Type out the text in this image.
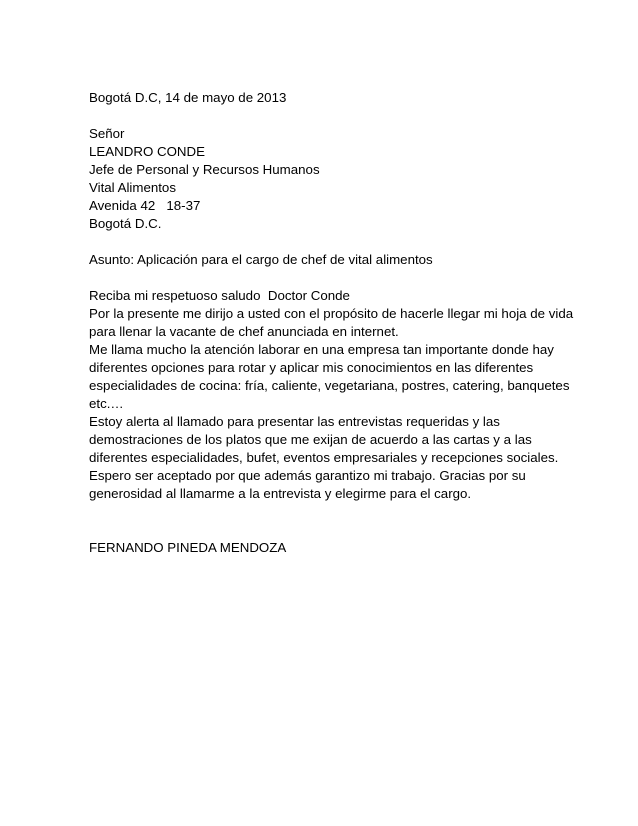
Bogotá D.C, 14 de mayo de 2013
Señor
LEANDRO CONDE
Jefe de Personal y Recursos Humanos
Vital Alimentos
Avenida 42   18-37
Bogotá D.C.
Asunto: Aplicación para el cargo de chef de vital alimentos
Reciba mi respetuoso saludo  Doctor Conde
Por la presente me dirijo a usted con el propósito de hacerle llegar mi hoja de vida
para llenar la vacante de chef anunciada en internet.
Me llama mucho la atención laborar en una empresa tan importante donde hay
diferentes opciones para rotar y aplicar mis conocimientos en las diferentes
especialidades de cocina: fría, caliente, vegetariana, postres, catering, banquetes
etc.…
Estoy alerta al llamado para presentar las entrevistas requeridas y las
demostraciones de los platos que me exijan de acuerdo a las cartas y a las
diferentes especialidades, bufet, eventos empresariales y recepciones sociales.
Espero ser aceptado por que además garantizo mi trabajo. Gracias por su
generosidad al llamarme a la entrevista y elegirme para el cargo.
FERNANDO PINEDA MENDOZA
